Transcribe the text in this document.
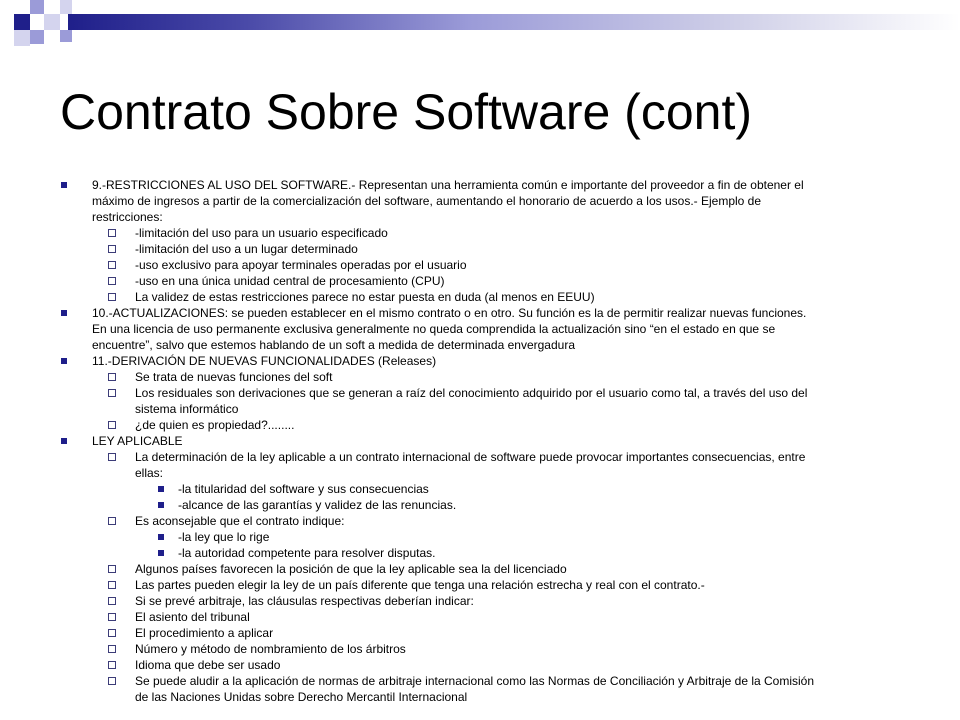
Contrato Sobre Software (cont)
9.-RESTRICCIONES AL USO DEL SOFTWARE.- Representan una herramienta común e importante del proveedor a fin de obtener el
máximo de ingresos a partir de la comercialización del software, aumentando el honorario de acuerdo a los usos.- Ejemplo de
restricciones:
-limitación del uso para un usuario especificado
-limitación del uso a un lugar determinado
-uso exclusivo para apoyar terminales operadas por el usuario
-uso en una única unidad central de procesamiento (CPU)
La validez de estas restricciones parece no estar puesta en duda (al menos en EEUU)
10.-ACTUALIZACIONES: se pueden establecer en el mismo contrato o en otro. Su función es la de permitir realizar nuevas funciones.
En una licencia de uso permanente exclusiva generalmente no queda comprendida la actualización sino “en el estado en que se
encuentre”, salvo que estemos hablando de un soft a medida de determinada envergadura
11.-DERIVACIÓN DE NUEVAS FUNCIONALIDADES (Releases)
Se trata de nuevas funciones del soft
Los residuales son derivaciones que se generan a raíz del conocimiento adquirido por el usuario como tal, a través del uso del
sistema informático
¿de quien es propiedad?........
LEY APLICABLE
La determinación de la ley aplicable a un contrato internacional de software puede provocar importantes consecuencias, entre
ellas:
-la titularidad del software y sus consecuencias
-alcance de las garantías y validez de las renuncias.
Es aconsejable que el contrato indique:
-la ley que lo rige
-la autoridad competente para resolver disputas.
Algunos países favorecen la posición de que la ley aplicable sea la del licenciado
Las partes pueden elegir la ley de un país diferente que tenga una relación estrecha y real con el contrato.-
Si se prevé arbitraje, las cláusulas respectivas deberían indicar:
El asiento del tribunal
El procedimiento a aplicar
Número y método de nombramiento de los árbitros
Idioma que debe ser usado
Se puede aludir a la aplicación de normas de arbitraje internacional como las Normas de Conciliación y Arbitraje de la Comisión
de las Naciones Unidas sobre Derecho Mercantil Internacional
